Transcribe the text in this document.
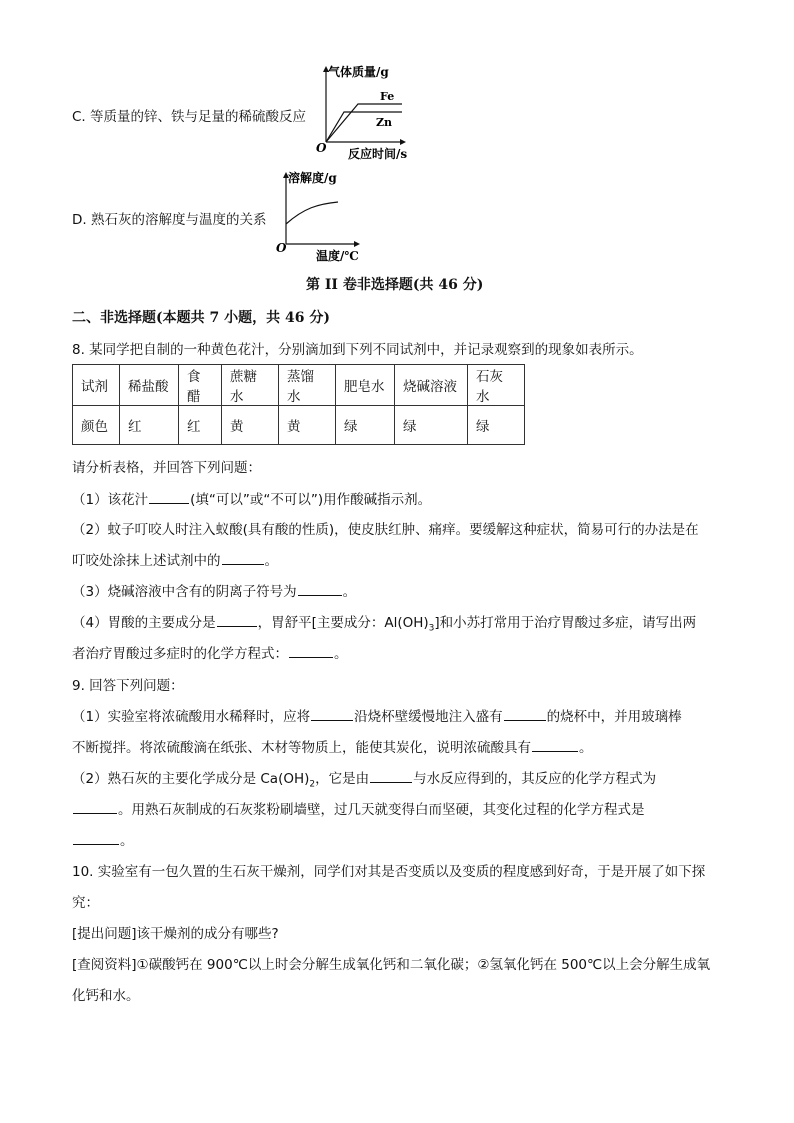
C. 等质量的锌、铁与足量的稀硫酸反应
气体质量/g
Fe
Zn
O 反应时间/s
D. 熟石灰的溶解度与温度的关系
溶解度/g
O
温度/℃
第 II 卷非选择题(共 46 分)
二、非选择题(本题共 7 小题，共 46 分)
8. 某同学把自制的一种黄色花汁，分别滴加到下列不同试剂中，并记录观察到的现象如表所示。
试剂	稀盐酸	食醋	蔗糖水	蒸馏水	肥皂水	烧碱溶液	石灰水
颜色	红	红	黄	黄	绿	绿	绿
请分析表格，并回答下列问题：
（1）该花汁	(填“可以”或“不可以”)用作酸碱指示剂。
（2）蚊子叮咬人时注入蚁酸(具有酸的性质)，使皮肤红肿、痛痒。要缓解这种症状，简易可行的办法是在
叮咬处涂抹上述试剂中的	。
（3）烧碱溶液中含有的阴离子符号为	。
（4）胃酸的主要成分是	，胃舒平[主要成分：$Al(OH)_3$]和小苏打常用于治疗胃酸过多症，请写出两
者治疗胃酸过多症时的化学方程式：	。
9. 回答下列问题：
（1）实验室将浓硫酸用水稀释时，应将	沿烧杯壁缓慢地注入盛有	的烧杯中，并用玻璃棒
不断搅拌。将浓硫酸滴在纸张、木材等物质上，能使其炭化，说明浓硫酸具有	。
（2）熟石灰的主要化学成分是 $Ca(OH)_2$，它是由	与水反应得到的，其反应的化学方程式为
。用熟石灰制成的石灰浆粉刷墙壁，过几天就变得白而坚硬，其变化过程的化学方程式是
。
10. 实验室有一包久置的生石灰干燥剂，同学们对其是否变质以及变质的程度感到好奇，于是开展了如下探
究：
[提出问题]该干燥剂的成分有哪些?
[查阅资料]①碳酸钙在 900℃以上时会分解生成氧化钙和二氧化碳；②氢氧化钙在 500℃以上会分解生成氧
化钙和水。
